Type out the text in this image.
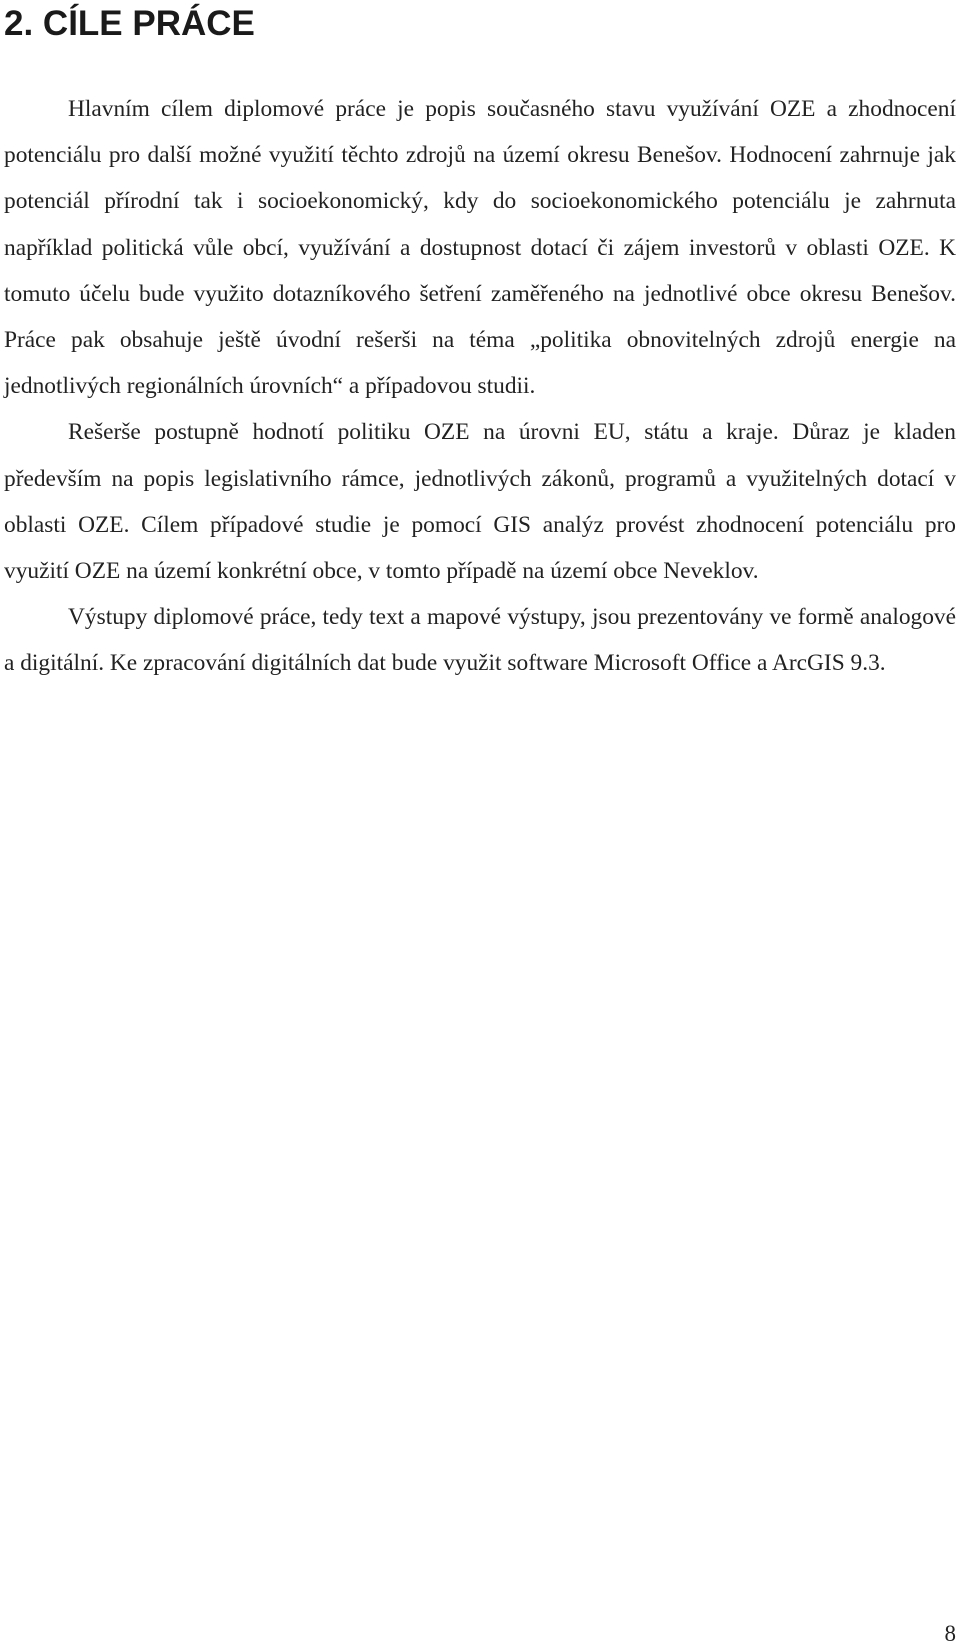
2. CÍLE PRÁCE

Hlavním cílem diplomové práce je popis současného stavu využívání OZE a zhodnocení potenciálu pro další možné využití těchto zdrojů na území okresu Benešov. Hodnocení zahrnuje jak potenciál přírodní tak i socioekonomický, kdy do socioekonomického potenciálu je zahrnuta například politická vůle obcí, využívání a dostupnost dotací či zájem investorů v oblasti OZE. K tomuto účelu bude využito dotazníkového šetření zaměřeného na jednotlivé obce okresu Benešov. Práce pak obsahuje ještě úvodní rešerši na téma „politika obnovitelných zdrojů energie na jednotlivých regionálních úrovních“ a případovou studii.

Rešerše postupně hodnotí politiku OZE na úrovni EU, státu a kraje. Důraz je kladen především na popis legislativního rámce, jednotlivých zákonů, programů a využitelných dotací v oblasti OZE. Cílem případové studie je pomocí GIS analýz provést zhodnocení potenciálu pro využití OZE na území konkrétní obce, v tomto případě na území obce Neveklov.

Výstupy diplomové práce, tedy text a mapové výstupy, jsou prezentovány ve formě analogové a digitální. Ke zpracování digitálních dat bude využit software Microsoft Office a ArcGIS 9.3.

8
